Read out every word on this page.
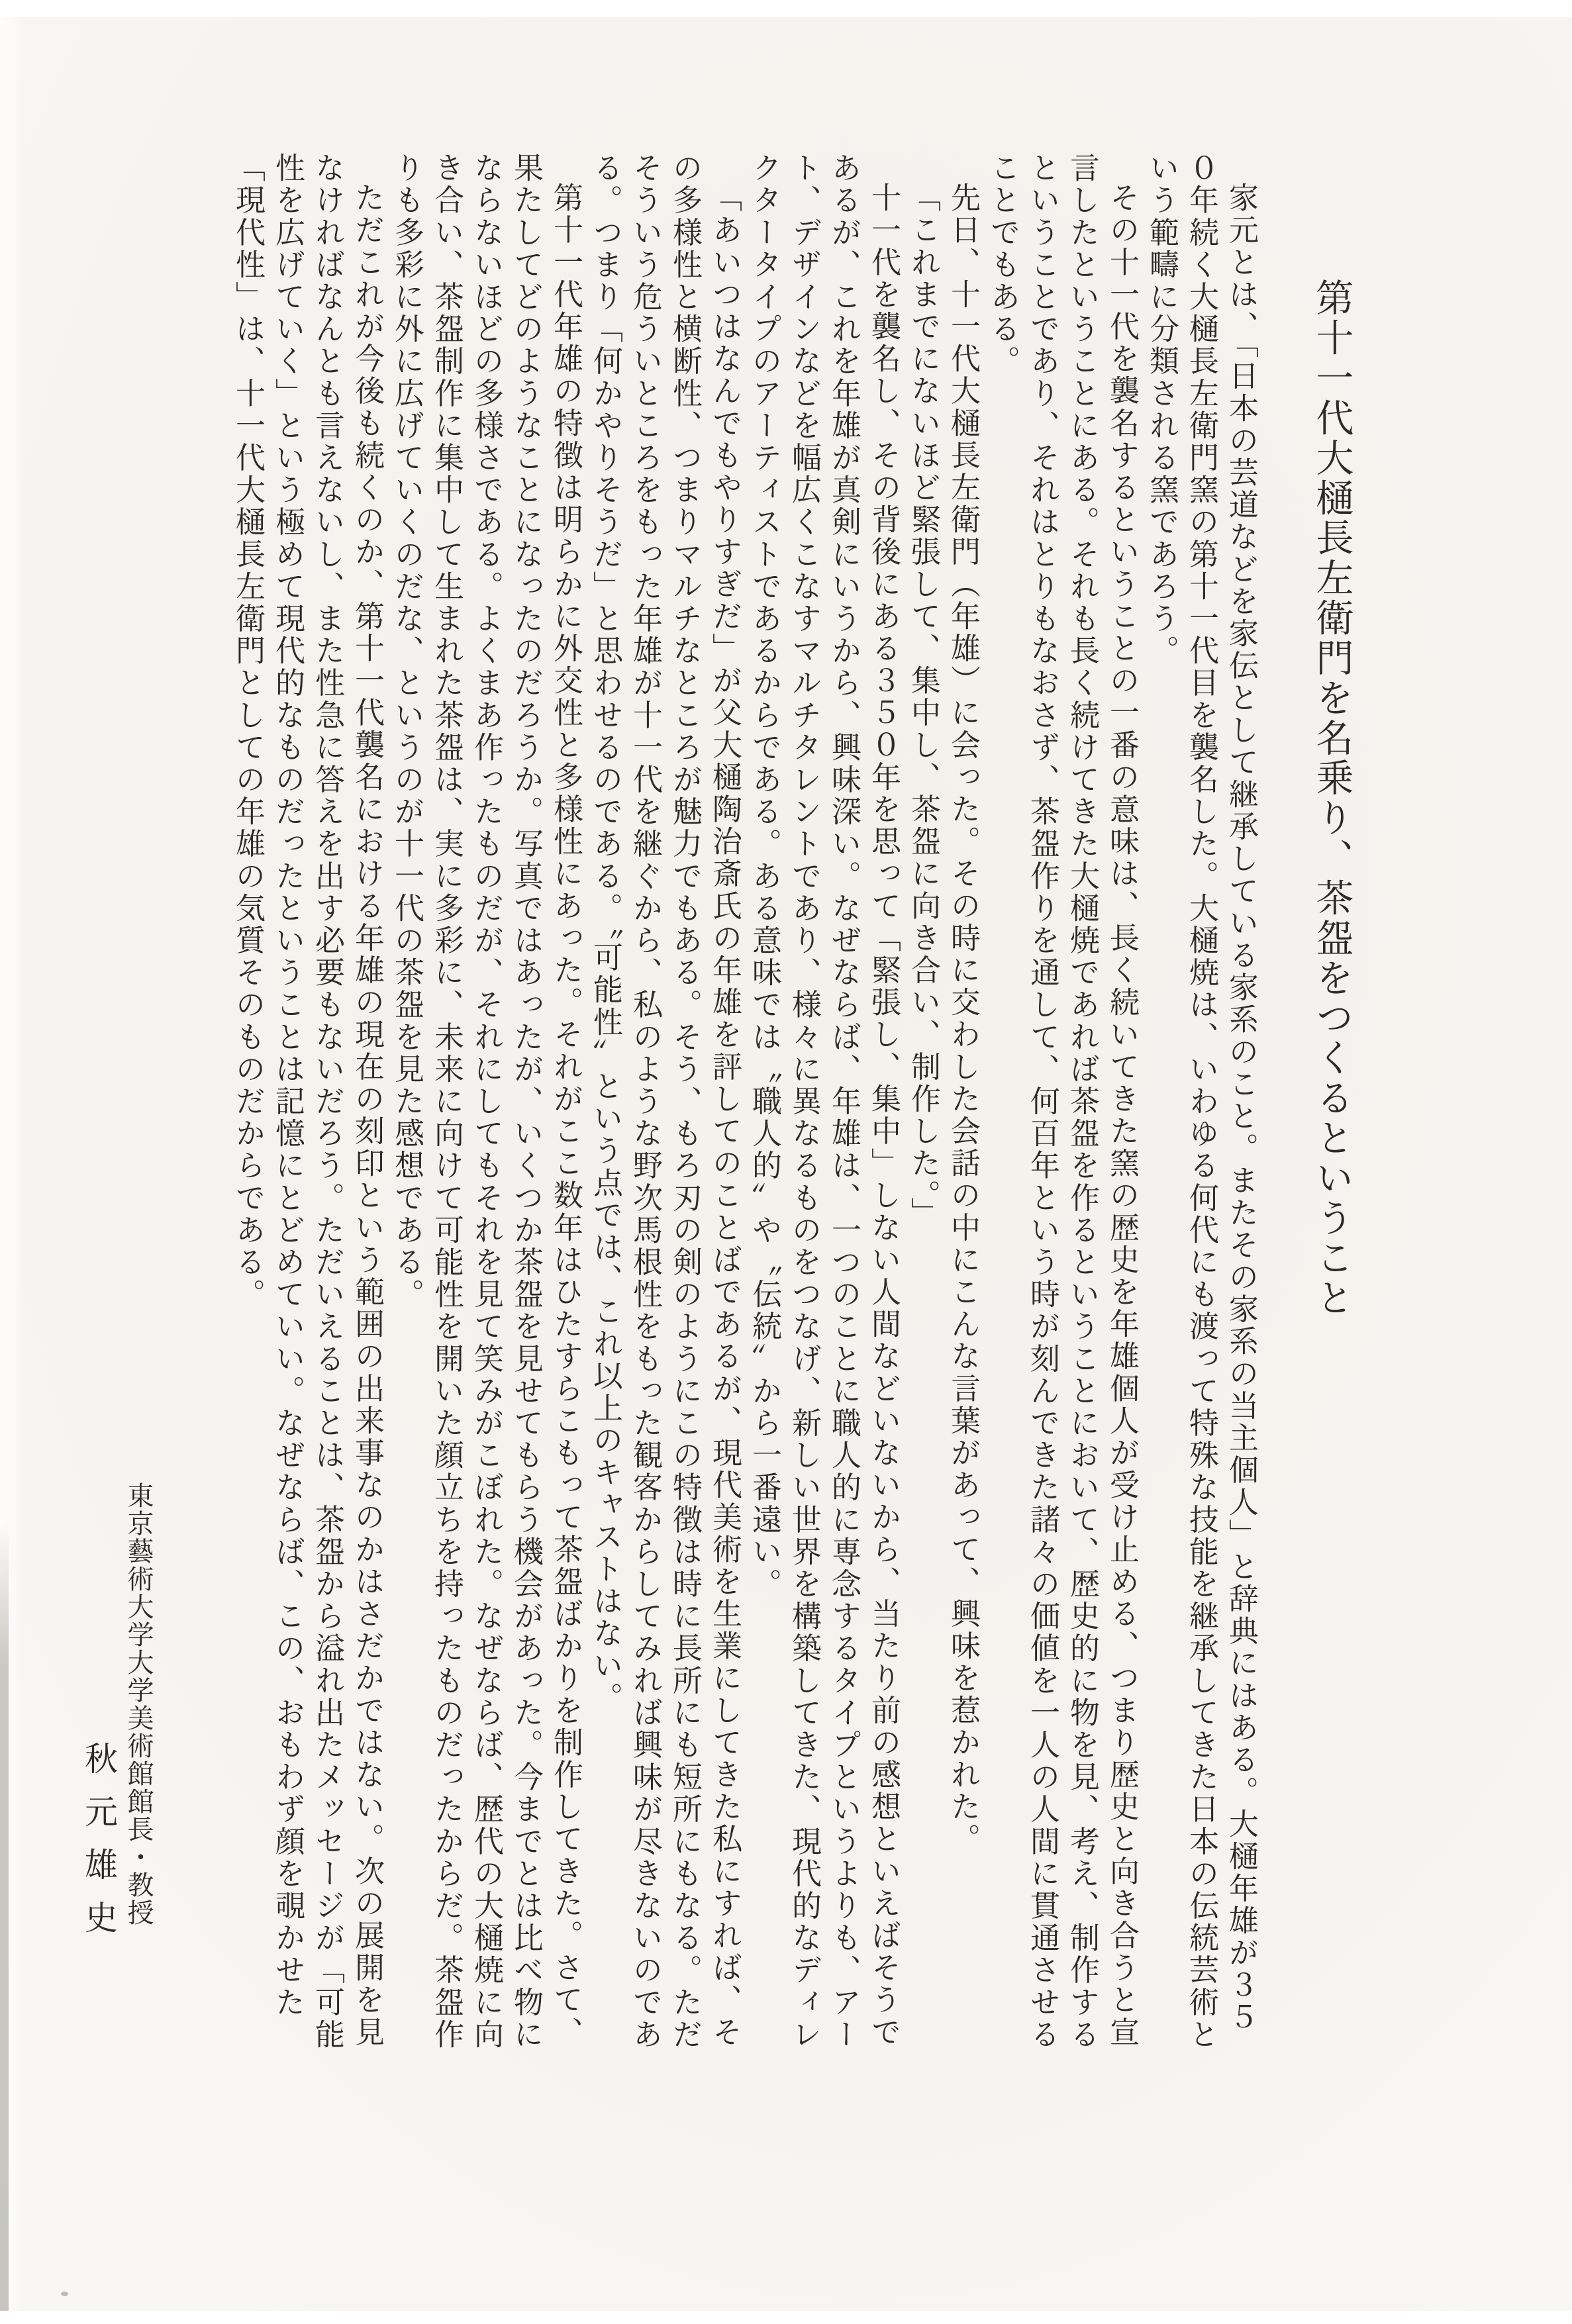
第十一代大樋長左衛門を名乗り、茶盌をつくるということ

家元とは、「日本の芸道などを家伝として継承している家系のこと。またその家系の当主個人」と辞典にはある。大樋年雄が３５０年続く大樋長左衛門窯の第十一代目を襲名した。大樋焼は、いわゆる何代にも渡って特殊な技能を継承してきた日本の伝統芸術という範疇に分類される窯であろう。

その十一代を襲名するということの一番の意味は、長く続いてきた窯の歴史を年雄個人が受け止める、つまり歴史と向き合うと宣言したということにある。それも長く続けてきた大樋焼であれば茶盌を作るということにおいて、歴史的に物を見、考え、制作するということであり、それはとりもなおさず、茶盌作りを通して、何百年という時が刻んできた諸々の価値を一人の人間に貫通させることでもある。

先日、十一代大樋長左衛門（年雄）に会った。その時に交わした会話の中にこんな言葉があって、興味を惹かれた。

「これまでにないほど緊張して、集中し、茶盌に向き合い、制作した。」

十一代を襲名し、その背後にある３５０年を思って「緊張し、集中」しない人間などいないから、当たり前の感想といえばそうであるが、これを年雄が真剣にいうから、興味深い。なぜならば、年雄は、一つのことに職人的に専念するタイプというよりも、アート、デザインなどを幅広くこなすマルチタレントであり、様々に異なるものをつなげ、新しい世界を構築してきた、現代的なディレクタータイプのアーティストであるからである。ある意味では〝職人的〟や〝伝統〟から一番遠い。

「あいつはなんでもやりすぎだ」が父大樋陶治斎氏の年雄を評してのことばであるが、現代美術を生業にしてきた私にすれば、その多様性と横断性、つまりマルチなところが魅力でもある。そう、もろ刃の剣のようにこの特徴は時に長所にも短所にもなる。ただそういう危ういところをもった年雄が十一代を継ぐから、私のような野次馬根性をもった観客からしてみれば興味が尽きないのである。つまり「何かやりそうだ」と思わせるのである。〝可能性〟という点では、これ以上のキャストはない。

第十一代年雄の特徴は明らかに外交性と多様性にあった。それがここ数年はひたすらこもって茶盌ばかりを制作してきた。さて、果たしてどのようなことになったのだろうか。写真ではあったが、いくつか茶盌を見せてもらう機会があった。今までとは比べ物にならないほどの多様さである。よくまあ作ったものだが、それにしてもそれを見て笑みがこぼれた。なぜならば、歴代の大樋焼に向き合い、茶盌制作に集中して生まれた茶盌は、実に多彩に、未来に向けて可能性を開いた顔立ちを持ったものだったからだ。茶盌作りも多彩に外に広げていくのだな、というのが十一代の茶盌を見た感想である。

ただこれが今後も続くのか、第十一代襲名における年雄の現在の刻印という範囲の出来事なのかはさだかではない。次の展開を見なければなんとも言えないし、また性急に答えを出す必要もないだろう。ただいえることは、茶盌から溢れ出たメッセージが「可能性を広げていく」という極めて現代的なものだったということは記憶にとどめていい。なぜならば、この、おもわず顔を覗かせた「現代性」は、十一代大樋長左衛門としての年雄の気質そのものだからである。

東京藝術大学大学美術館館長・教授

秋元雄史
